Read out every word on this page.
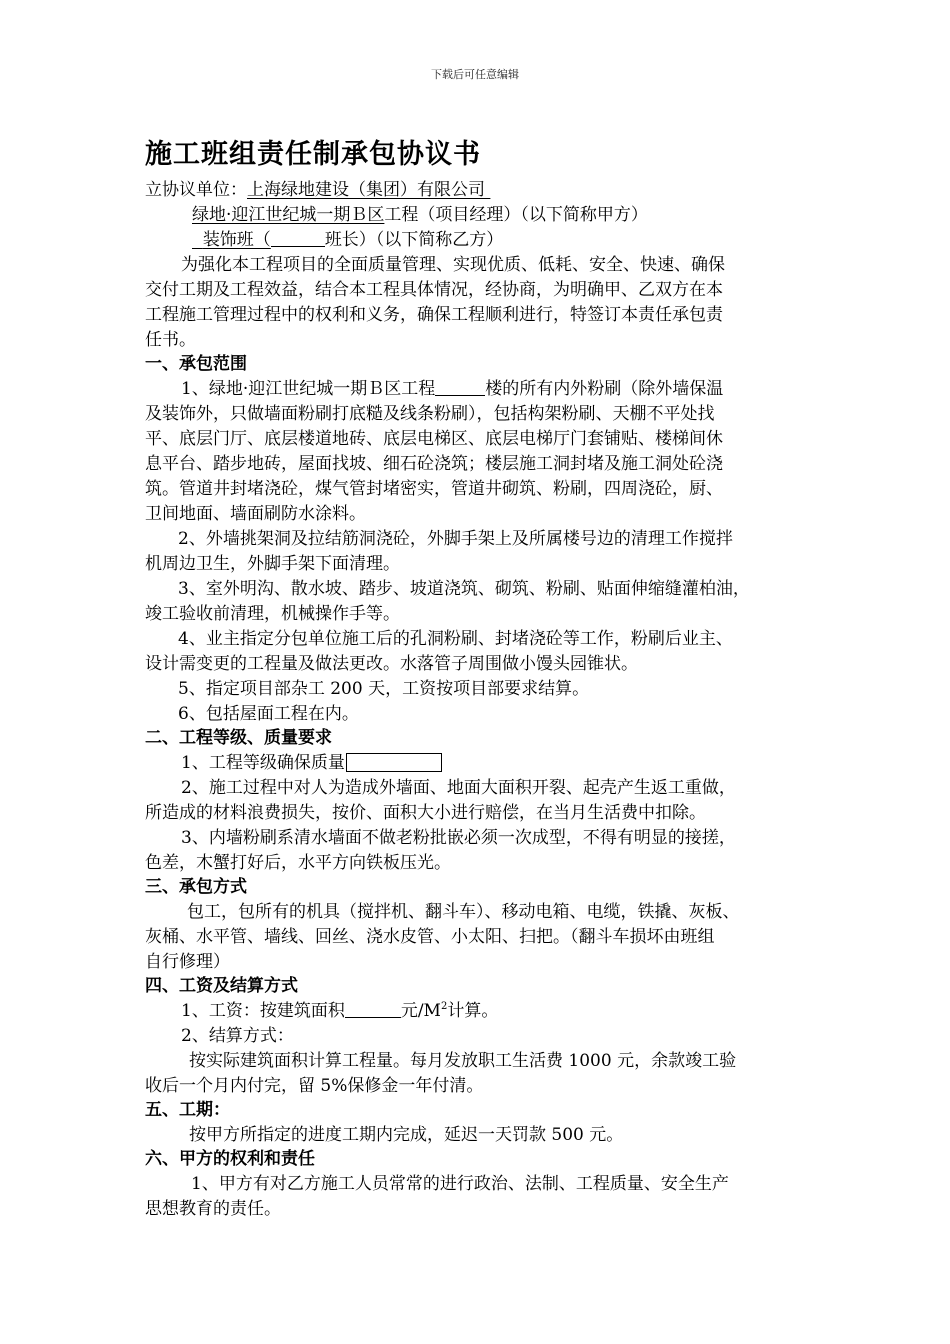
下载后可任意编辑
施工班组责任制承包协议书
立协议单位：上海绿地建设（集团）有限公司
绿地·迎江世纪城一期Ｂ区工程（项目经理）（以下简称甲方）
装饰班（	班长）（以下简称乙方）
为强化本工程项目的全面质量管理、实现优质、低耗、安全、快速、确保
交付工期及工程效益，结合本工程具体情况，经协商，为明确甲、乙双方在本
工程施工管理过程中的权利和义务，确保工程顺利进行，特签订本责任承包责
任书。
一、承包范围
1、绿地·迎江世纪城一期Ｂ区工程	楼的所有内外粉刷（除外墙保温
及装饰外，只做墙面粉刷打底糙及线条粉刷），包括构架粉刷、天棚不平处找
平、底层门厅、底层楼道地砖、底层电梯区、底层电梯厅门套铺贴、楼梯间休
息平台、踏步地砖，屋面找坡、细石砼浇筑；楼层施工洞封堵及施工洞处砼浇
筑。管道井封堵浇砼，煤气管封堵密实，管道井砌筑、粉刷，四周浇砼，厨、
卫间地面、墙面刷防水涂料。
2、外墙挑架洞及拉结筋洞浇砼，外脚手架上及所属楼号边的清理工作搅拌
机周边卫生，外脚手架下面清理。
3、室外明沟、散水坡、踏步、坡道浇筑、砌筑、粉刷、贴面伸缩缝灌柏油，
竣工验收前清理，机械操作手等。
4、业主指定分包单位施工后的孔洞粉刷、封堵浇砼等工作，粉刷后业主、
设计需变更的工程量及做法更改。水落管子周围做小馒头园锥状。
5、指定项目部杂工 200 天，工资按项目部要求结算。
6、包括屋面工程在内。
二、工程等级、质量要求
1、工程等级确保质量
2、施工过程中对人为造成外墙面、地面大面积开裂、起壳产生返工重做，
所造成的材料浪费损失，按价、面积大小进行赔偿，在当月生活费中扣除。
3、内墙粉刷系清水墙面不做老粉批嵌必须一次成型，不得有明显的接搓，
色差，木蟹打好后，水平方向铁板压光。
三、承包方式
包工，包所有的机具（搅拌机、翻斗车）、移动电箱、电缆，铁撬、灰板、
灰桶、水平管、墙线、回丝、浇水皮管、小太阳、扫把。（翻斗车损坏由班组
自行修理）
四、工资及结算方式
1、工资：按建筑面积	元$/M^2$计算。
2、结算方式：
按实际建筑面积计算工程量。每月发放职工生活费 1000 元，余款竣工验
收后一个月内付完，留 5%保修金一年付清。
五、工期：
按甲方所指定的进度工期内完成，延迟一天罚款 500 元。
六、甲方的权利和责任
1、甲方有对乙方施工人员常常的进行政治、法制、工程质量、安全生产
思想教育的责任。
